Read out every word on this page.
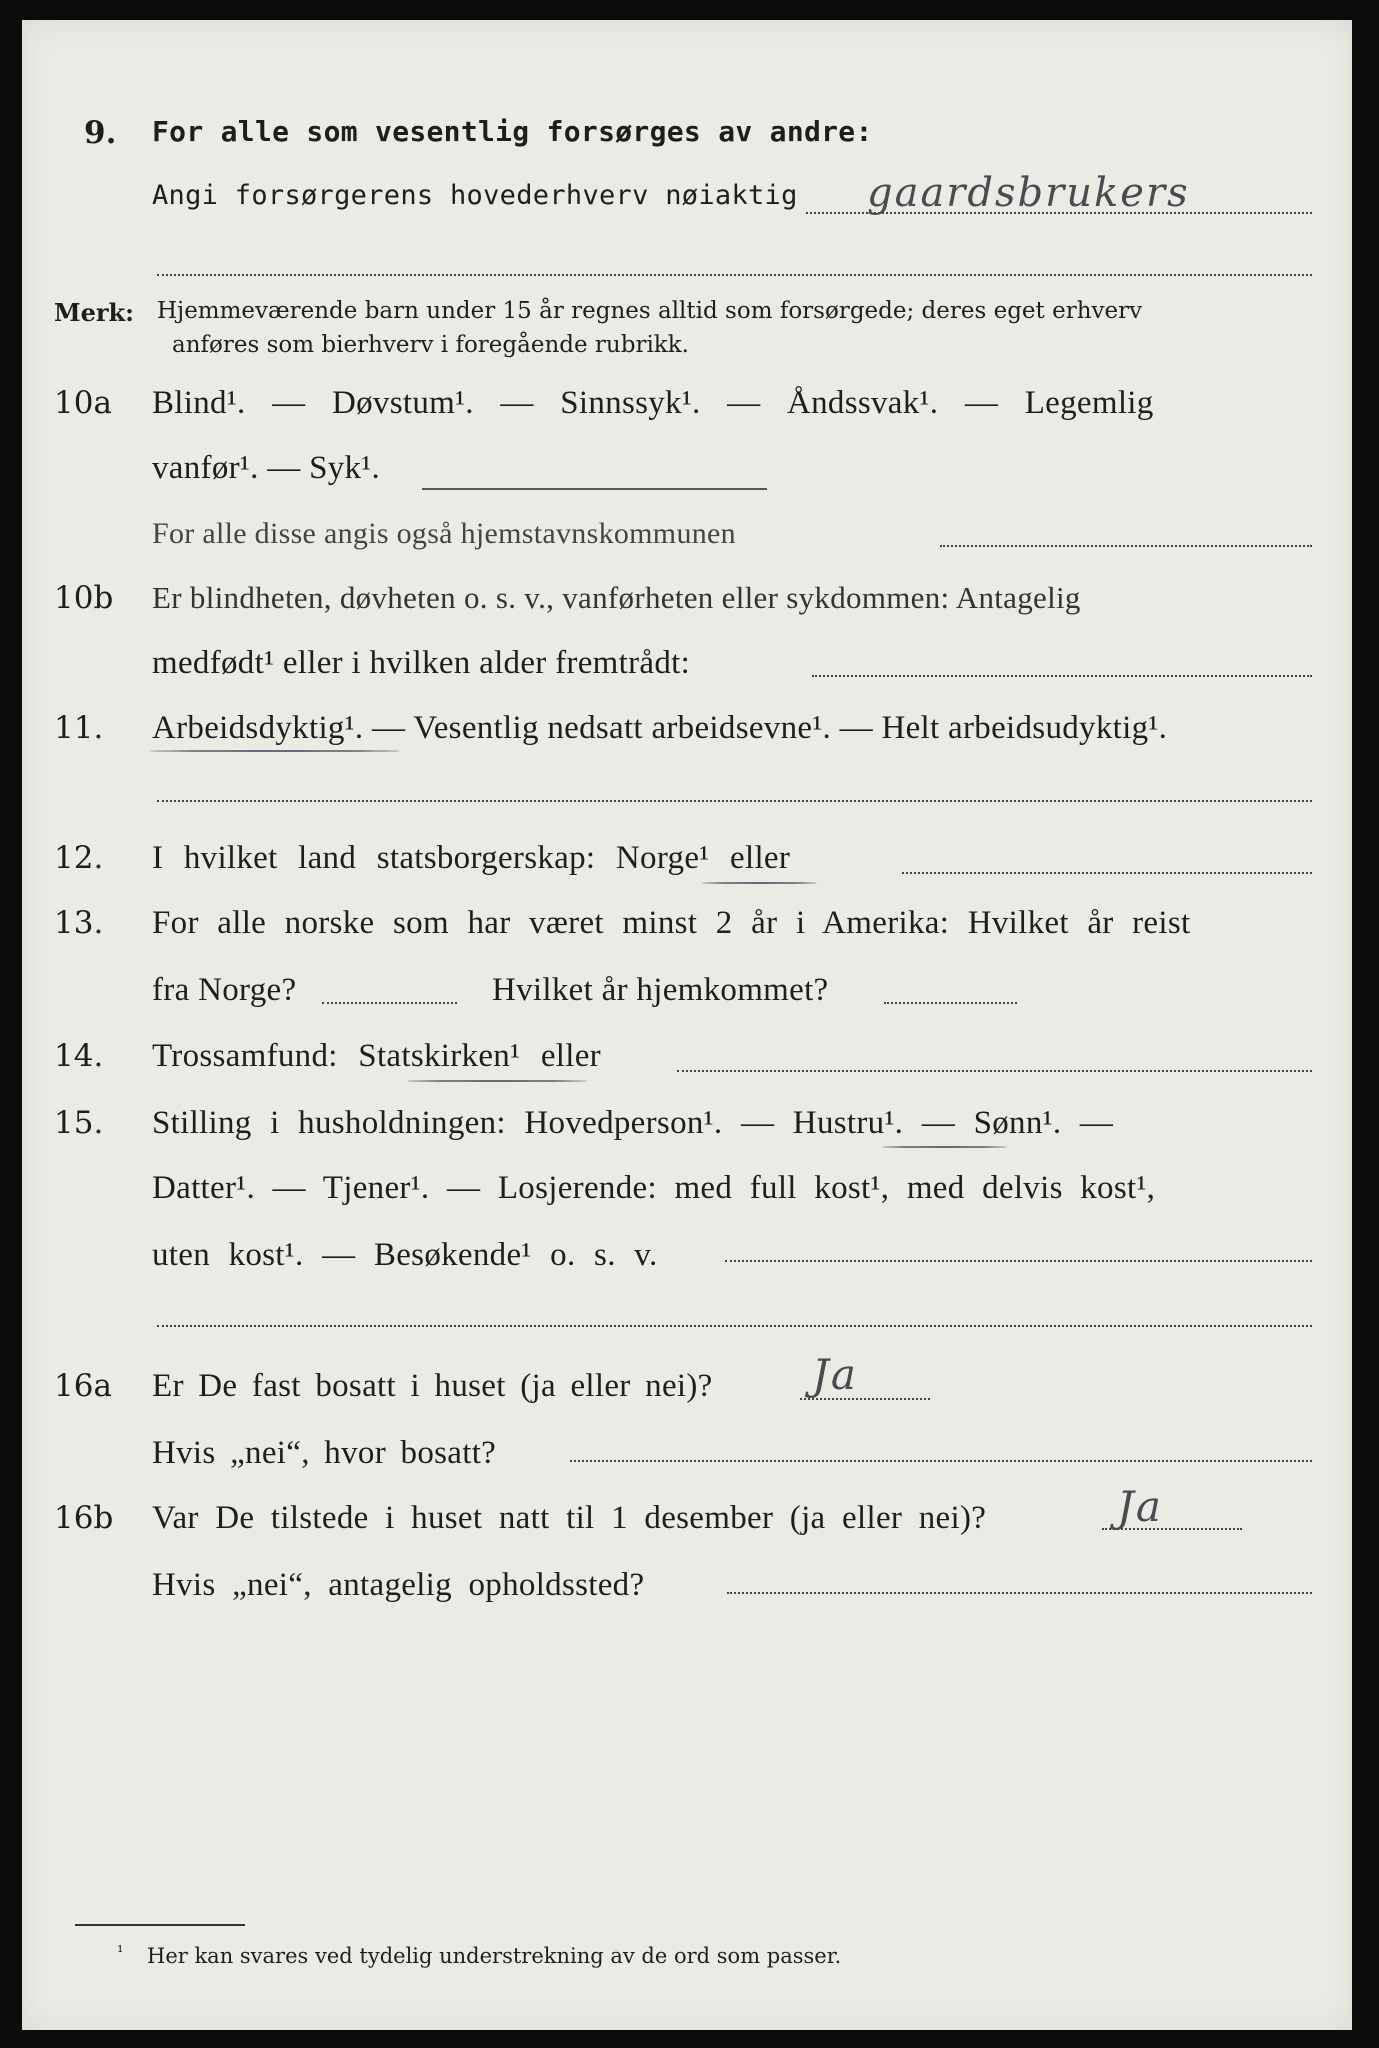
9. For alle som vesentlig forsørges av andre:
Angi forsørgerens hovederhverv nøiaktig gaardsbrukers
Merk: Hjemmeværende barn under 15 år regnes alltid som forsørgede; deres eget erhverv
anføres som bierhverv i foregående rubrikk.
10a Blind¹. — Døvstum¹. — Sinnssyk¹. — Åndssvak¹. — Legemlig
vanfør¹. — Syk¹.
For alle disse angis også hjemstavnskommunen
10b Er blindheten, døvheten o. s. v., vanførheten eller sykdommen: Antagelig
medfødt¹ eller i hvilken alder fremtrådt:
11. Arbeidsdyktig¹. — Vesentlig nedsatt arbeidsevne¹. — Helt arbeidsudyktig¹.
12. I hvilket land statsborgerskap: Norge¹ eller
13. For alle norske som har været minst 2 år i Amerika: Hvilket år reist
fra Norge?	Hvilket år hjemkommet?
14. Trossamfund: Statskirken¹ eller
15. Stilling i husholdningen: Hovedperson¹. — Hustru¹. — Sønn¹. —
Datter¹. — Tjener¹. — Losjerende: med full kost¹, med delvis kost¹,
uten kost¹. — Besøkende¹ o. s. v.
16a Er De fast bosatt i huset (ja eller nei)? Ja
Hvis „nei“, hvor bosatt?
16b Var De tilstede i huset natt til 1 desember (ja eller nei)?	Ja
Hvis „nei“, antagelig opholdssted?
¹ Her kan svares ved tydelig understrekning av de ord som passer.
